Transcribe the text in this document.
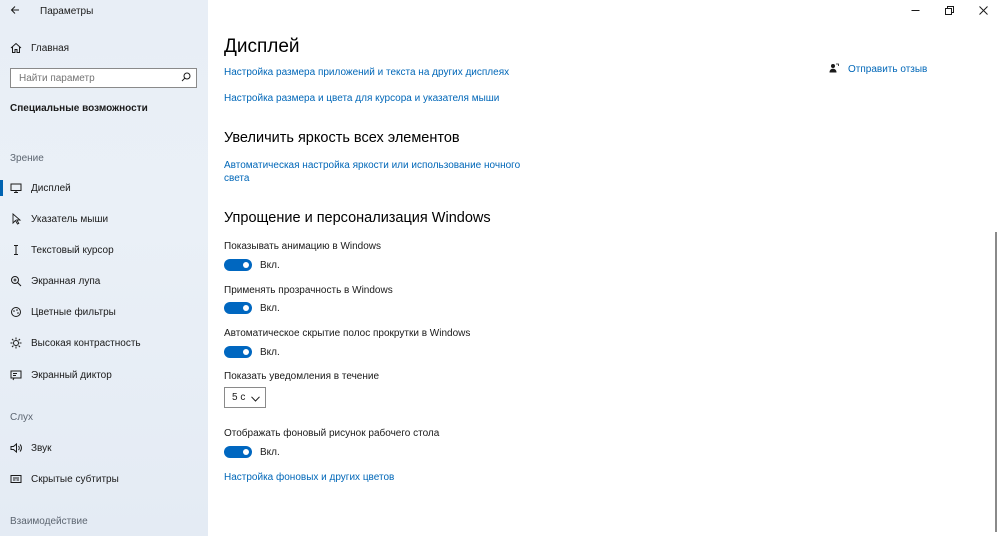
Параметры
Главная
Найти параметр
Специальные возможности
Зрение
Дисплей
Указатель мыши
Текстовый курсор
Экранная лупа
Цветные фильтры
Высокая контрастность
Экранный диктор
Слух
Звук
Скрытые субтитры
Взаимодействие
Дисплей
Настройка размера приложений и текста на других дисплеях
Настройка размера и цвета для курсора и указателя мыши
Увеличить яркость всех элементов
Автоматическая настройка яркости или использование ночного
света
Упрощение и персонализация Windows
Показывать анимацию в Windows
Вкл.
Применять прозрачность в Windows
Вкл.
Автоматическое скрытие полос прокрутки в Windows
Вкл.
Показать уведомления в течение
5 с
Отображать фоновый рисунок рабочего стола
Вкл.
Настройка фоновых и других цветов
Отправить отзыв
